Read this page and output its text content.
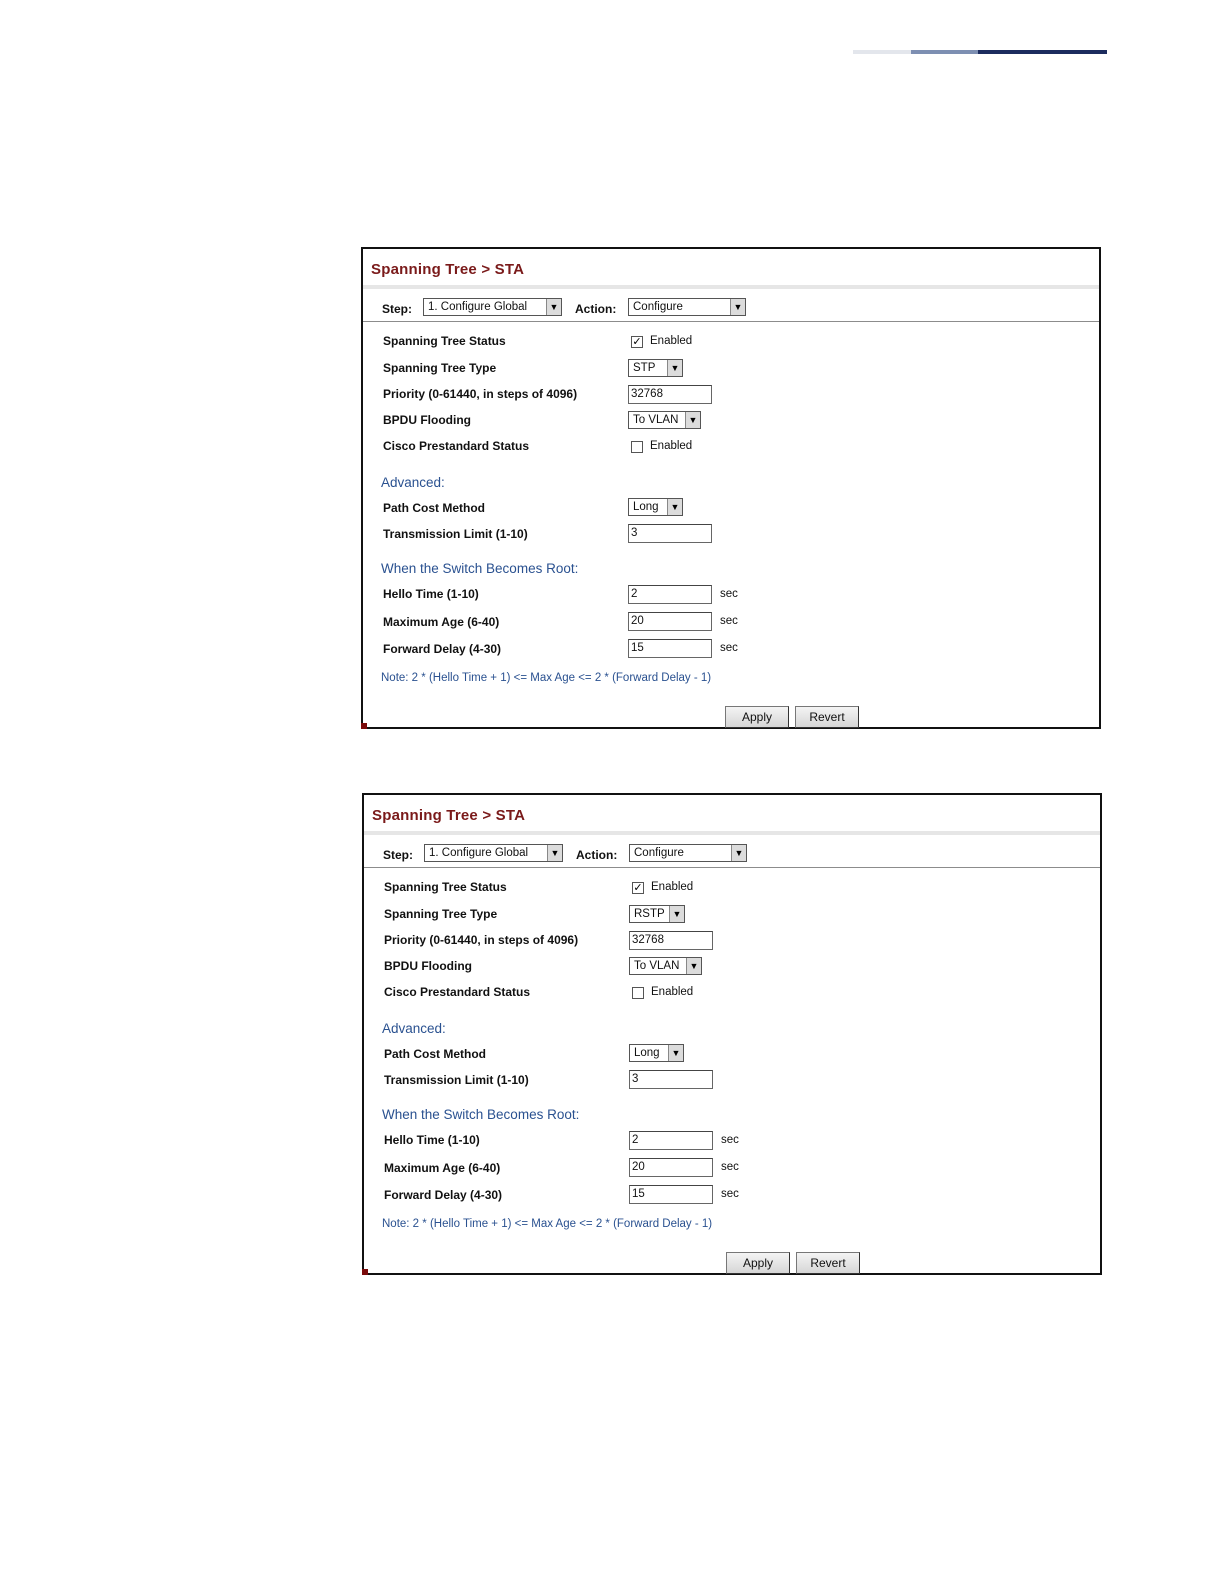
Spanning Tree > STA
Step:	1. Configure Global	▼ Action:	Configure	▼
Spanning Tree Status	✓ Enabled
Spanning Tree Type	STP	▼
Priority (0-61440, in steps of 4096)	32768
BPDU Flooding	To VLAN	▼
Cisco Prestandard Status	Enabled
Advanced:
Path Cost Method	Long	▼
Transmission Limit (1-10)	3
When the Switch Becomes Root:
Hello Time (1-10)	2	sec
Maximum Age (6-40)	20	sec
Forward Delay (4-30)	15	sec
Note: 2 * (Hello Time + 1) <= Max Age <= 2 * (Forward Delay - 1)
Apply	Revert
Spanning Tree > STA
Step:	1. Configure Global	▼ Action:	Configure	▼
Spanning Tree Status	✓ Enabled
Spanning Tree Type	RSTP ▼
Priority (0-61440, in steps of 4096)	32768
BPDU Flooding	To VLAN	▼
Cisco Prestandard Status	Enabled
Advanced:
Path Cost Method	Long	▼
Transmission Limit (1-10)	3
When the Switch Becomes Root:
Hello Time (1-10)	2	sec
Maximum Age (6-40)	20	sec
Forward Delay (4-30)	15	sec
Note: 2 * (Hello Time + 1) <= Max Age <= 2 * (Forward Delay - 1)
Apply	Revert
